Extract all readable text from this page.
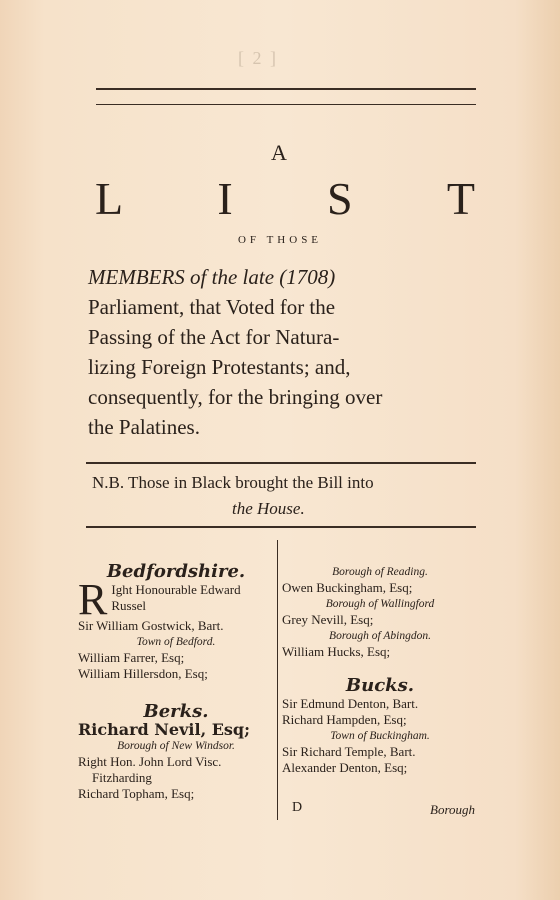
[ 2 ]
A
L I S T
OF THOSE

MEMBERS of the late (1708)

Parliament, that Voted for the

Passing of the Act for Natura-

lizing Foreign Protestants; and,

consequently, for the bringing over

the Palatines.

N.B. Those in Black brought the Bill into

the House.

Bedfordshire.
R Ight Honourable Edward
Russel
Sir William Gostwick, Bart.
Town of Bedford.
William Farrer, Esq;
William Hillersdon, Esq;
Berks.
Richard Nevil, Esq;
Borough of New Windsor.
Right Hon. John Lord Visc.
Fitzharding
Richard Topham, Esq;
Borough of Reading.
Owen Buckingham, Esq;
Borough of Wallingford
Grey Nevill, Esq;
Borough of Abingdon.
William Hucks, Esq;
Bucks.
Sir Edmund Denton, Bart.
Richard Hampden, Esq;
Town of Buckingham.
Sir Richard Temple, Bart.
Alexander Denton, Esq;
D	Borough
